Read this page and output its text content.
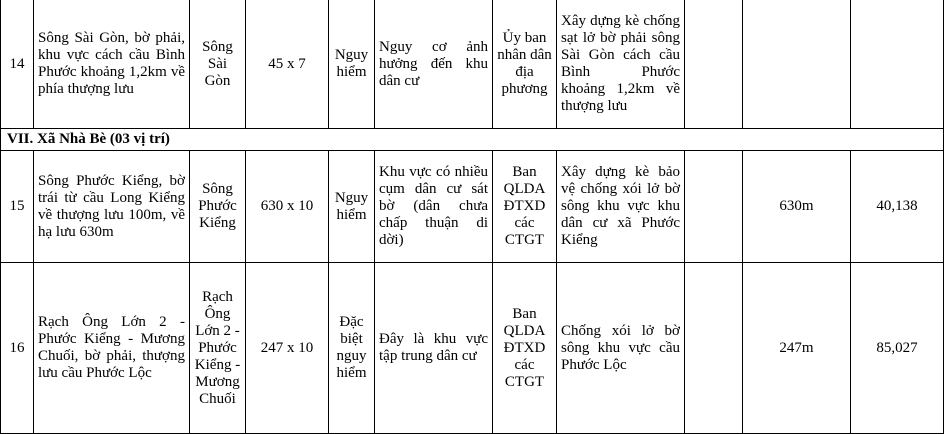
14	Sông Sài Gòn, bờ phải, khu vực cách cầu Bình Phước khoảng 1,2km về phía thượng lưu	Sông Sài Gòn	45 x 7	Nguy hiểm	Nguy cơ ảnh hưởng đến khu dân cư	Ủy ban nhân dân địa phương	Xây dựng kè chống sạt lở bờ phải sông Sài Gòn cách cầu Bình Phước khoảng 1,2km về thượng lưu			
VII. Xã Nhà Bè (03 vị trí)										
15	Sông Phước Kiểng, bờ trái từ cầu Long Kiểng về thượng lưu 100m, về hạ lưu 630m	Sông Phước Kiểng	630 x 10	Nguy hiểm	Khu vực có nhiều cụm dân cư sát bờ (dân chưa chấp thuận di dời)	Ban QLDA ĐTXD các CTGT	Xây dựng kè bảo vệ chống xói lở bờ sông khu vực khu dân cư xã Phước Kiểng		630m	40,138
16	Rạch Ông Lớn 2 - Phước Kiểng - Mương Chuối, bờ phải, thượng lưu cầu Phước Lộc	Rạch Ông Lớn 2 - Phước Kiểng - Mương Chuối	247 x 10	Đặc biệt nguy hiểm	Đây là khu vực tập trung dân cư	Ban QLDA ĐTXD các CTGT	Chống xói lở bờ sông khu vực cầu Phước Lộc		247m	85,027
